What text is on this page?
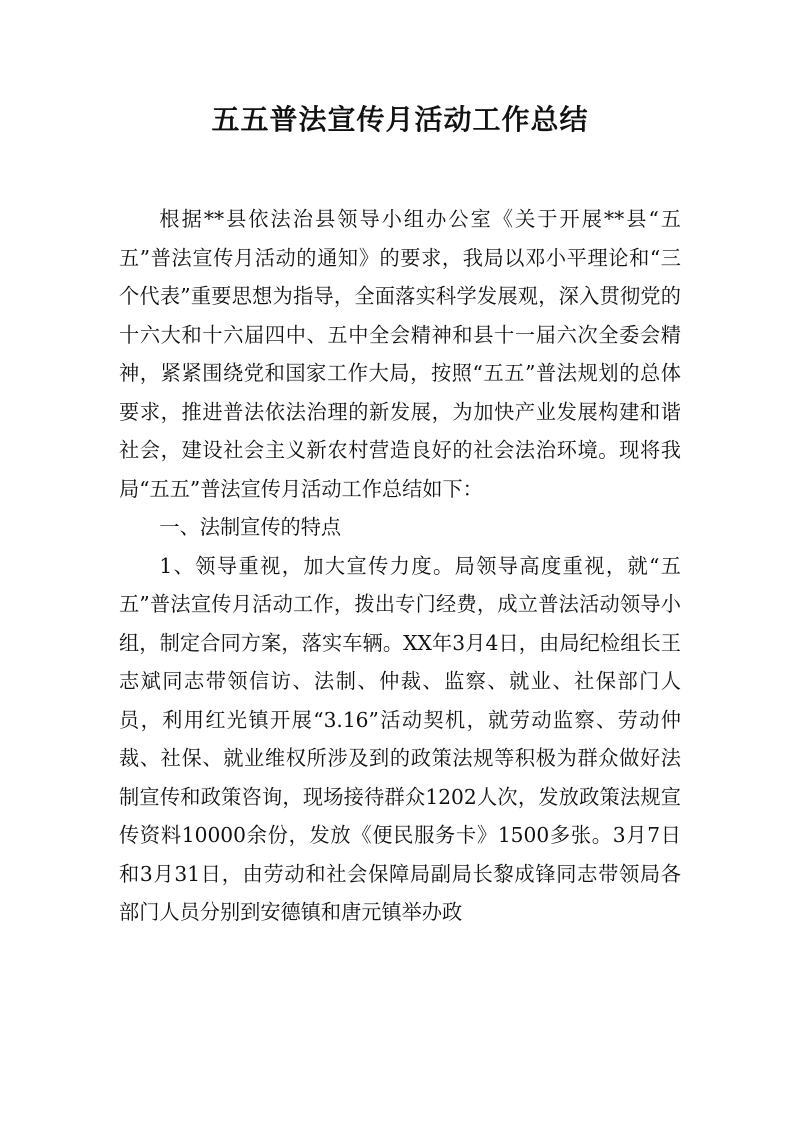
五五普法宣传月活动工作总结

根据**县依法治县领导小组办公室《关于开展**县“五五”普法宣传月活动的通知》的要求，我局以邓小平理论和“三个代表”重要思想为指导，全面落实科学发展观，深入贯彻党的十六大和十六届四中、五中全会精神和县十一届六次全委会精神，紧紧围绕党和国家工作大局，按照“五五”普法规划的总体要求，推进普法依法治理的新发展，为加快产业发展构建和谐社会，建设社会主义新农村营造良好的社会法治环境。现将我局“五五”普法宣传月活动工作总结如下：

一、法制宣传的特点

1、领导重视，加大宣传力度。局领导高度重视，就“五五”普法宣传月活动工作，拨出专门经费，成立普法活动领导小组，制定合同方案，落实车辆。XX年3月4日，由局纪检组长王志斌同志带领信访、法制、仲裁、监察、就业、社保部门人员，利用红光镇开展“3.16”活动契机，就劳动监察、劳动仲裁、社保、就业维权所涉及到的政策法规等积极为群众做好法制宣传和政策咨询，现场接待群众1202人次，发放政策法规宣传资料10000余份，发放《便民服务卡》1500多张。3月7日和3月31日，由劳动和社会保障局副局长黎成锋同志带领局各部门人员分别到安德镇和唐元镇举办政
